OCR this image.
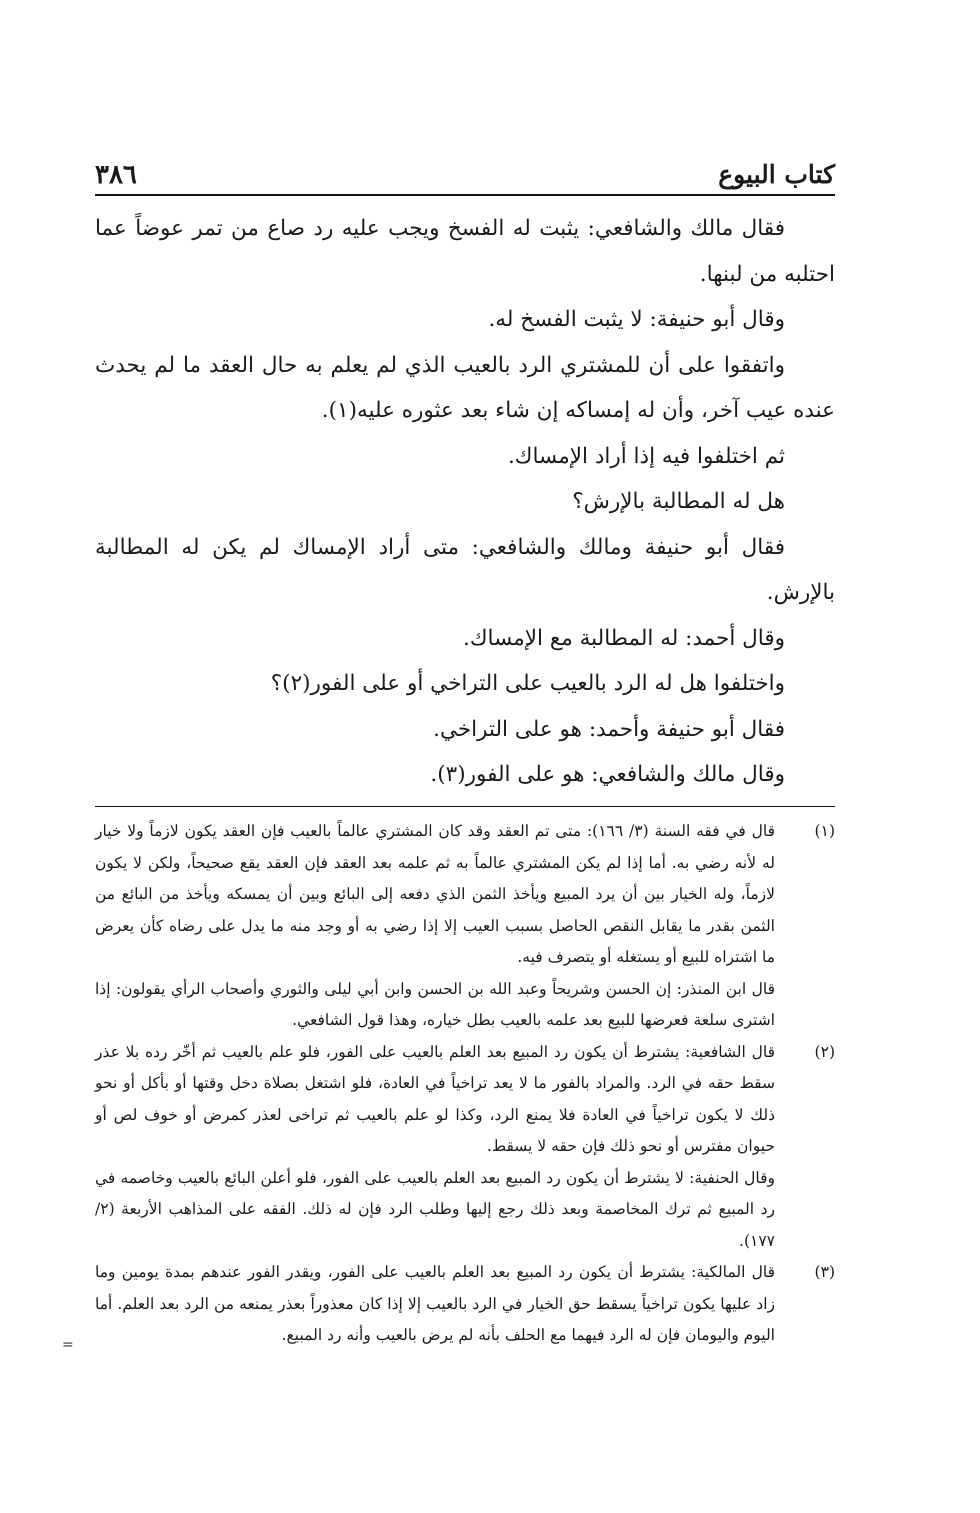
كتاب البيوع
٣٨٦

فقال مالك والشافعي: يثبت له الفسخ ويجب عليه رد صاع من تمر عوضاً عما احتلبه من لبنها.

وقال أبو حنيفة: لا يثبت الفسخ له.

واتفقوا على أن للمشتري الرد بالعيب الذي لم يعلم به حال العقد ما لم يحدث عنده عيب آخر، وأن له إمساكه إن شاء بعد عثوره عليه(١).

ثم اختلفوا فيه إذا أراد الإمساك.

هل له المطالبة بالإرش؟

فقال أبو حنيفة ومالك والشافعي: متى أراد الإمساك لم يكن له المطالبة بالإرش.

وقال أحمد: له المطالبة مع الإمساك.

واختلفوا هل له الرد بالعيب على التراخي أو على الفور(٢)؟

فقال أبو حنيفة وأحمد: هو على التراخي.

وقال مالك والشافعي: هو على الفور(٣).

(١)

قال في فقه السنة (٣/ ١٦٦): متى تم العقد وقد كان المشتري عالماً بالعيب فإن العقد يكون لازماً ولا خيار له لأنه رضي به. أما إذا لم يكن المشتري عالماً به ثم علمه بعد العقد فإن العقد يقع صحيحاً، ولكن لا يكون لازماً، وله الخيار بين أن يرد المبيع ويأخذ الثمن الذي دفعه إلى البائع وبين أن يمسكه ويأخذ من البائع من الثمن بقدر ما يقابل النقص الحاصل بسبب العيب إلا إذا رضي به أو وجد منه ما يدل على رضاه كأن يعرض ما اشتراه للبيع أو يستغله أو يتصرف فيه.

قال ابن المنذر: إن الحسن وشريحاً وعبد الله بن الحسن وابن أبي ليلى والثوري وأصحاب الرأي يقولون: إذا اشترى سلعة فعرضها للبيع بعد علمه بالعيب بطل خياره، وهذا قول الشافعي.

(٢)

قال الشافعية: يشترط أن يكون رد المبيع بعد العلم بالعيب على الفور، فلو علم بالعيب ثم أخّر رده بلا عذر سقط حقه في الرد. والمراد بالفور ما لا يعد تراخياً في العادة، فلو اشتغل بصلاة دخل وقتها أو بأكل أو نحو ذلك لا يكون تراخياً في العادة فلا يمنع الرد، وكذا لو علم بالعيب ثم تراخى لعذر كمرض أو خوف لص أو حيوان مفترس أو نحو ذلك فإن حقه لا يسقط.

وقال الحنفية: لا يشترط أن يكون رد المبيع بعد العلم بالعيب على الفور، فلو أعلن البائع بالعيب وخاصمه في رد المبيع ثم ترك المخاصمة وبعد ذلك رجع إليها وطلب الرد فإن له ذلك. الفقه على المذاهب الأربعة (٢/ ١٧٧).

(٣)

قال المالكية: يشترط أن يكون رد المبيع بعد العلم بالعيب على الفور، ويقدر الفور عندهم بمدة يومين وما زاد عليها يكون تراخياً يسقط حق الخيار في الرد بالعيب إلا إذا كان معذوراً بعذر يمنعه من الرد بعد العلم. أما اليوم واليومان فإن له الرد فيهما مع الحلف بأنه لم يرض بالعيب وأنه رد المبيع.

=
